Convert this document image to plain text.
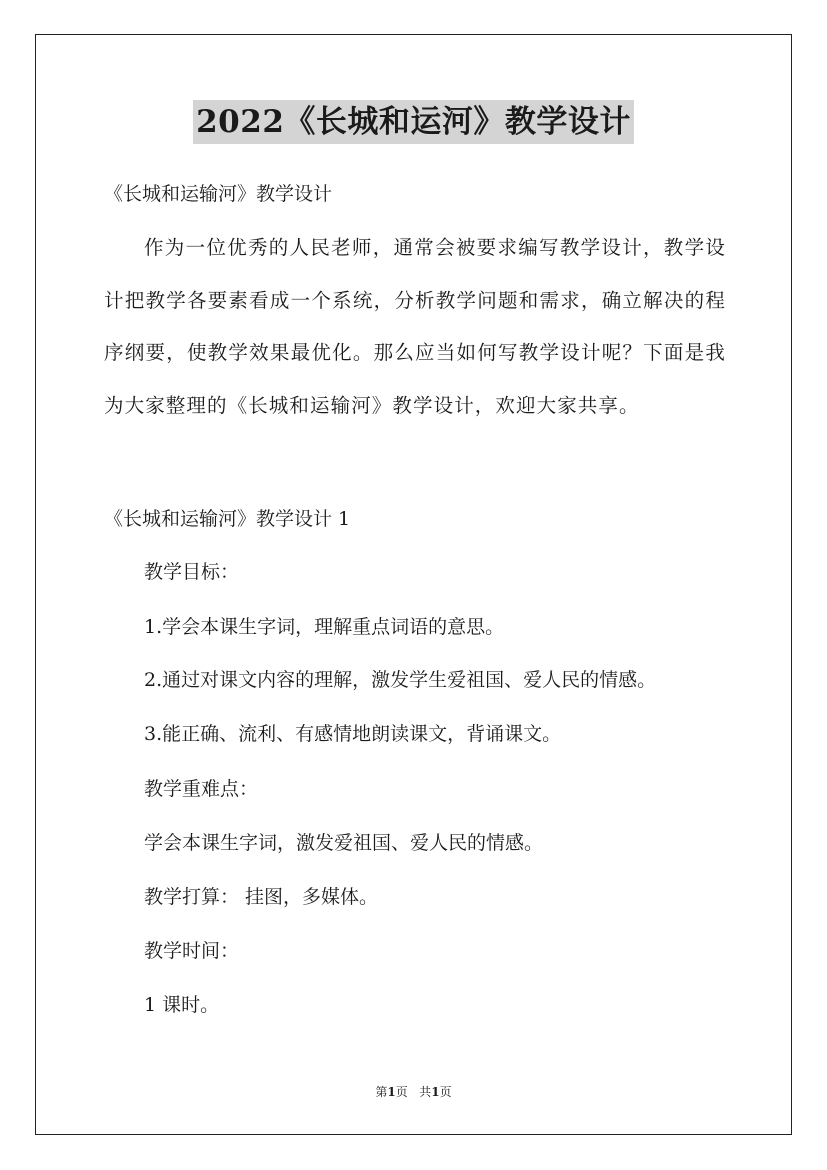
2022《长城和运河》教学设计
《长城和运输河》教学设计
作为一位优秀的人民老师，通常会被要求编写教学设计，教学设计把教学各要素看成一个系统，分析教学问题和需求，确立解决的程序纲要，使教学效果最优化。那么应当如何写教学设计呢？下面是我为大家整理的《长城和运输河》教学设计，欢迎大家共享。
《长城和运输河》教学设计 1
教学目标：
1.学会本课生字词，理解重点词语的意思。
2.通过对课文内容的理解，激发学生爱祖国、爱人民的情感。
3.能正确、流利、有感情地朗读课文，背诵课文。
教学重难点：
学会本课生字词，激发爱祖国、爱人民的情感。
教学打算： 挂图，多媒体。
教学时间：
1 课时。
第1页 共1页
